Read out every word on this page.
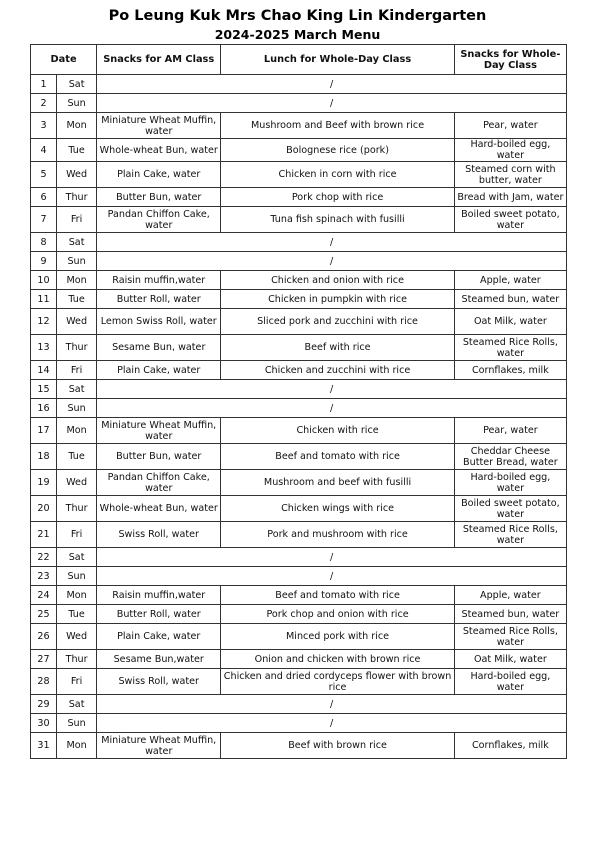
Po Leung Kuk Mrs Chao King Lin Kindergarten
2024-2025 March Menu
Date		Snacks for AM Class	Lunch for Whole-Day Class	Snacks for Whole-Day Class
1	Sat	/		
2	Sun	/		
3	Mon	Miniature Wheat Muffin, water	Mushroom and Beef with brown rice	Pear, water
4	Tue	Whole-wheat Bun, water	Bolognese rice (pork)	Hard-boiled egg, water
5	Wed	Plain Cake, water	Chicken in corn with rice	Steamed corn with butter, water
6	Thur	Butter Bun, water	Pork chop with rice	Bread with Jam, water
7	Fri	Pandan Chiffon Cake, water	Tuna fish spinach with fusilli	Boiled sweet potato, water
8	Sat	/		
9	Sun	/		
10	Mon	Raisin muffin,water	Chicken and onion with rice	Apple, water
11	Tue	Butter Roll, water	Chicken in pumpkin with rice	Steamed bun, water
12	Wed	Lemon Swiss Roll, water	Sliced pork and zucchini with rice	Oat Milk, water
13	Thur	Sesame Bun, water	Beef with rice	Steamed Rice Rolls, water
14	Fri	Plain Cake, water	Chicken and zucchini with rice	Cornflakes, milk
15	Sat	/		
16	Sun	/		
17	Mon	Miniature Wheat Muffin, water	Chicken with rice	Pear, water
18	Tue	Butter Bun, water	Beef and tomato with rice	Cheddar Cheese Butter Bread, water
19	Wed	Pandan Chiffon Cake, water	Mushroom and beef with fusilli	Hard-boiled egg, water
20	Thur	Whole-wheat Bun, water	Chicken wings with rice	Boiled sweet potato, water
21	Fri	Swiss Roll, water	Pork and mushroom with rice	Steamed Rice Rolls, water
22	Sat	/		
23	Sun	/		
24	Mon	Raisin muffin,water	Beef and tomato with rice	Apple, water
25	Tue	Butter Roll, water	Pork chop and onion with rice	Steamed bun, water
26	Wed	Plain Cake, water	Minced pork with rice	Steamed Rice Rolls, water
27	Thur	Sesame Bun,water	Onion and chicken with brown rice	Oat Milk, water
28	Fri	Swiss Roll, water	Chicken and dried cordyceps flower with brown rice	Hard-boiled egg, water
29	Sat	/		
30	Sun	/		
31	Mon	Miniature Wheat Muffin, water	Beef with brown rice	Cornflakes, milk
